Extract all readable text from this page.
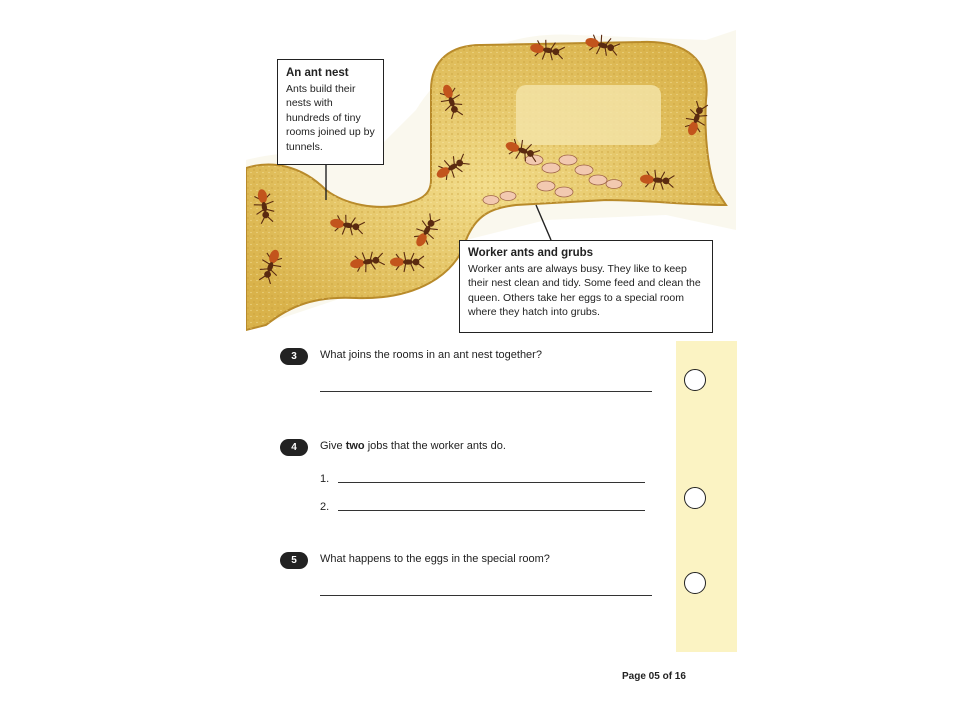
An ant nest

Ants build their nests with hundreds of tiny rooms joined up by tunnels.

Worker ants and grubs

Worker ants are always busy. They like to keep their nest clean and tidy. Some feed and clean the queen. Others take her eggs to a special room where they hatch into grubs.

3	What joins the rooms in an ant nest together?
4	Give two jobs that the worker ants do.
1.
2.
5	What happens to the eggs in the special room?
Page 05 of 16
